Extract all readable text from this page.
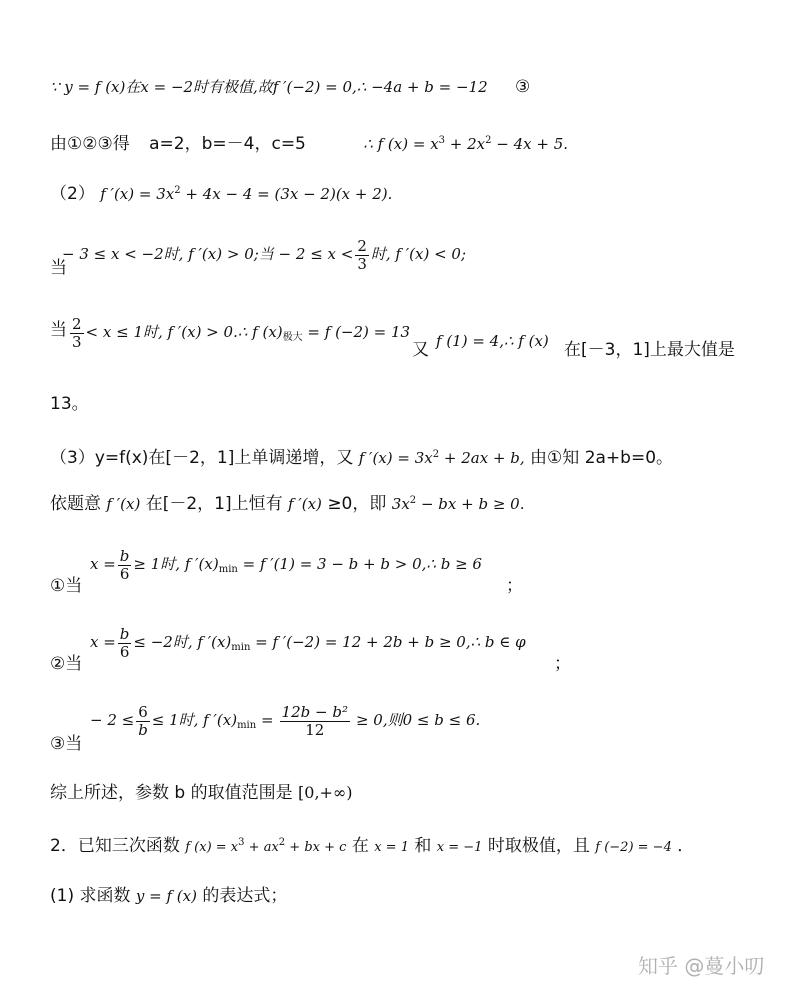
∵ y = f (x)在x = −2时有极值,故f ′(−2) = 0,∴ −4a + b = −12 ③
由①②③得 a=2，b=－4，c=5	∴ f $(x) = x^3 + 2x^2 - 4x + 5$.
（2） f $'(x) = 3x^2 + 4x - 4 = (3x - 2)(x + 2)$.
当
− 3 ≤ x < −2时, f ′(x) > 0;当 − $2 \le x < \frac{2}{3}$ 时, f ′(x) < 0;
当 $\frac{2}{3} < x \le 1$时, f ′(x) > 0.∴ f $(x)_{极大} = f$ (−2) = 13
又 f (1) = 4,∴ f (x) 在[－3，1]上最大值是
13。
（3）y=f(x)在[－2，1]上单调递增，又 f $'(x) = 3x^2 + 2ax + b$, 由①知 2a+b=0。
依题意 f ′(x) 在[－2，1]上恒有 f ′(x) ≥0，即 $3x^2$ − bx + b ≥ 0.
①当
$x = \frac{b}{6} \ge 1$时, f $'(x)_{min} = f$ ′(1) = 3 − b + b > 0,∴ b ≥ 6
；
②当
$x = \frac{b}{6} \le -2$时, f $'(x)_{min} = f$ ′(−2) = 12 + 2b + b ≥ 0,∴ b ∈ φ
；
③当
− $2 \le \frac{6}{b} \le 1$时, f $'(x)_{min} = \frac{\text{12b − b²}}{12} \ge 0$,则0 ≤ b ≤ 6.
综上所述，参数 b 的取值范围是 [0,+∞)
2．已知三次函数 f $(x) = x^3 + ax^2$ + bx + c 在 x = 1 和 x = −1 时取极值，且 f (−2) = −4 ．
(1) 求函数 y = f (x) 的表达式；
知乎 @蔓小叨
